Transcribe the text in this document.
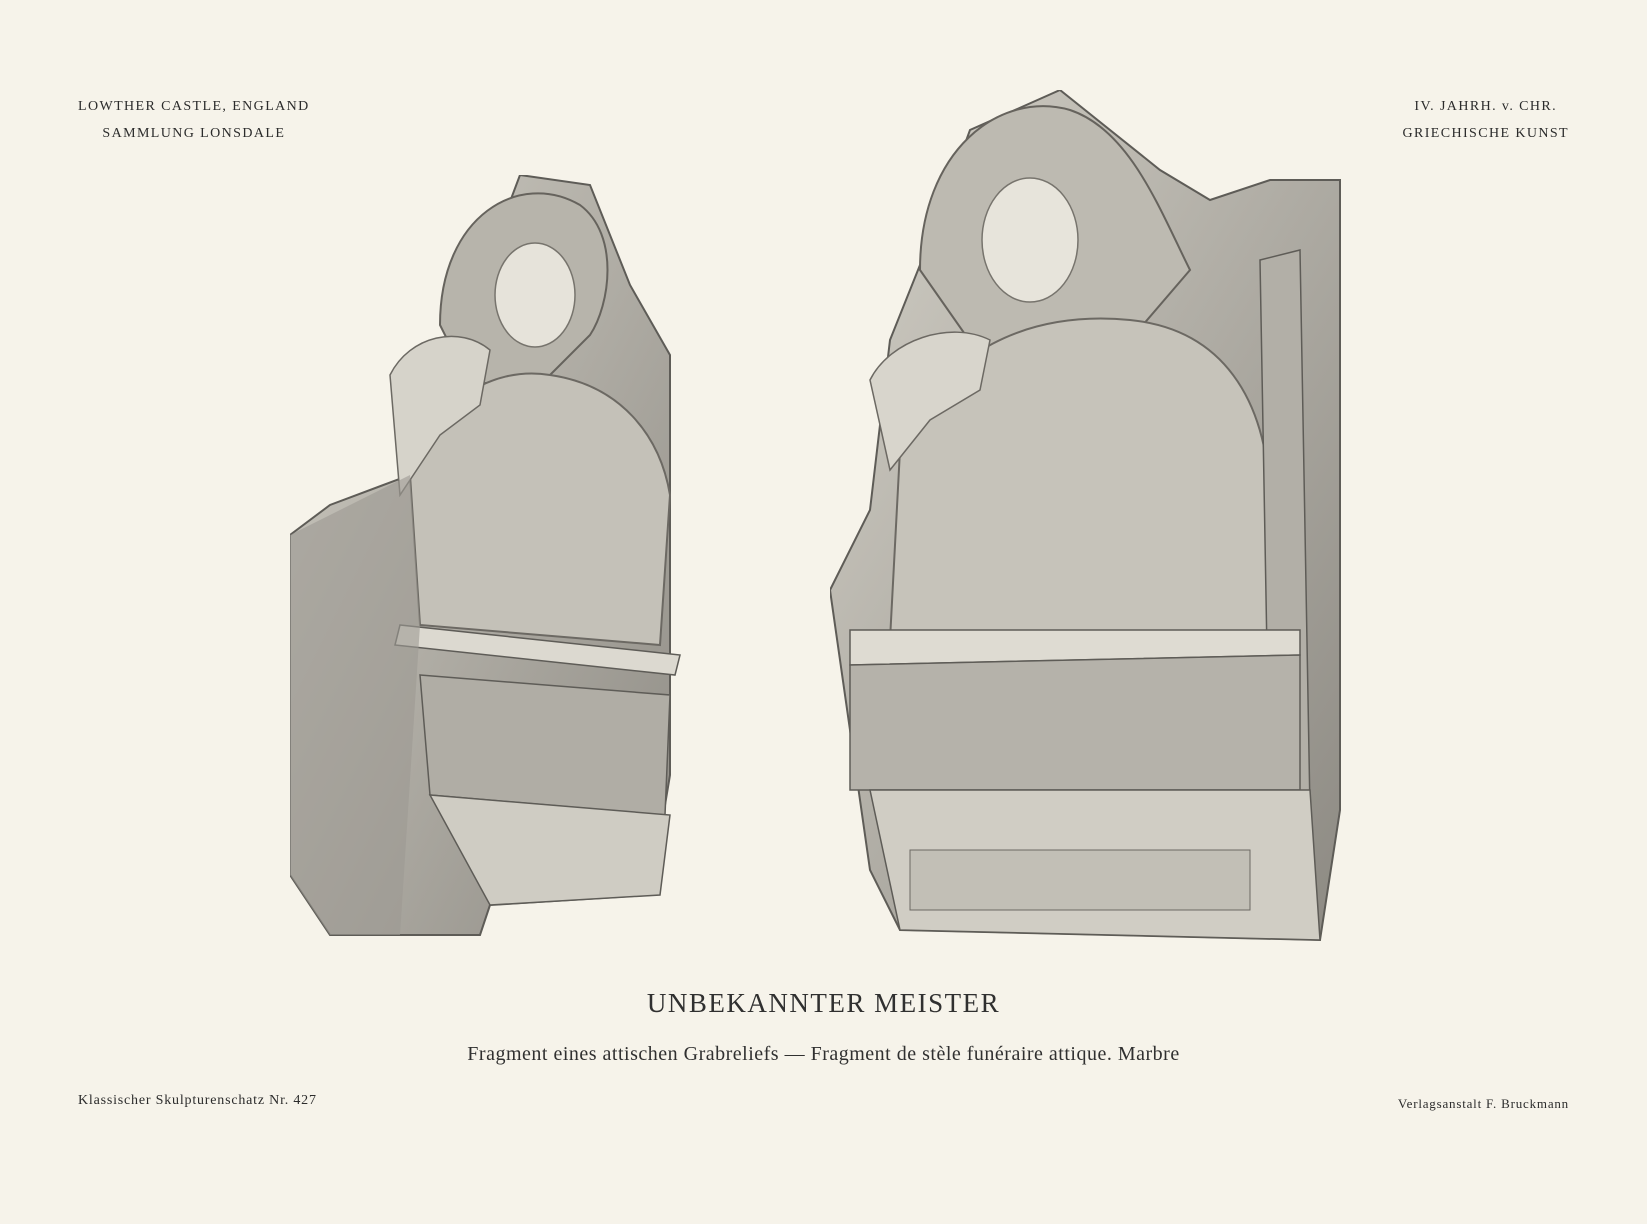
LOWTHER CASTLE, ENGLAND
SAMMLUNG LONSDALE
IV. JAHRH. v. CHR.
GRIECHISCHE KUNST
UNBEKANNTER MEISTER
Fragment eines attischen Grabreliefs — Fragment de stèle funéraire attique. Marbre
Klassischer Skulpturenschatz Nr. 427	Verlagsanstalt F. Bruckmann
